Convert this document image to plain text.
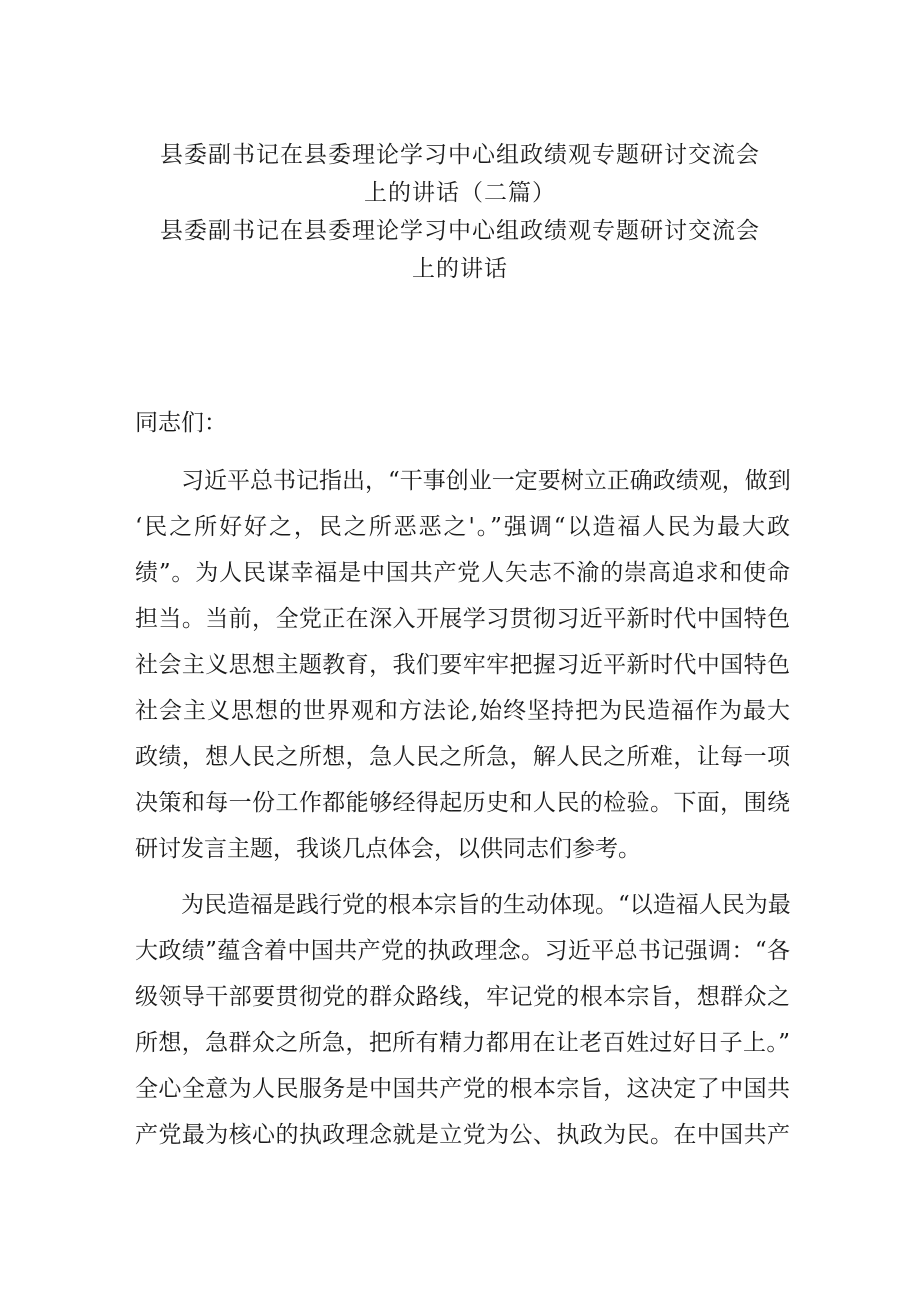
县委副书记在县委理论学习中心组政绩观专题研讨交流会
上的讲话（二篇）
县委副书记在县委理论学习中心组政绩观专题研讨交流会
上的讲话
同志们：
习近平总书记指出，“干事创业一定要树立正确政绩观，做到
‘民之所好好之，民之所恶恶之'。”强调“以造福人民为最大政
绩”。为人民谋幸福是中国共产党人矢志不渝的崇高追求和使命
担当。当前，全党正在深入开展学习贯彻习近平新时代中国特色
社会主义思想主题教育，我们要牢牢把握习近平新时代中国特色
社会主义思想的世界观和方法论,始终坚持把为民造福作为最大
政绩，想人民之所想，急人民之所急，解人民之所难，让每一项
决策和每一份工作都能够经得起历史和人民的检验。下面，围绕
研讨发言主题，我谈几点体会，以供同志们参考。
为民造福是践行党的根本宗旨的生动体现。“以造福人民为最
大政绩”蕴含着中国共产党的执政理念。习近平总书记强调：“各
级领导干部要贯彻党的群众路线，牢记党的根本宗旨，想群众之
所想，急群众之所急，把所有精力都用在让老百姓过好日子上。”
全心全意为人民服务是中国共产党的根本宗旨，这决定了中国共
产党最为核心的执政理念就是立党为公、执政为民。在中国共产
